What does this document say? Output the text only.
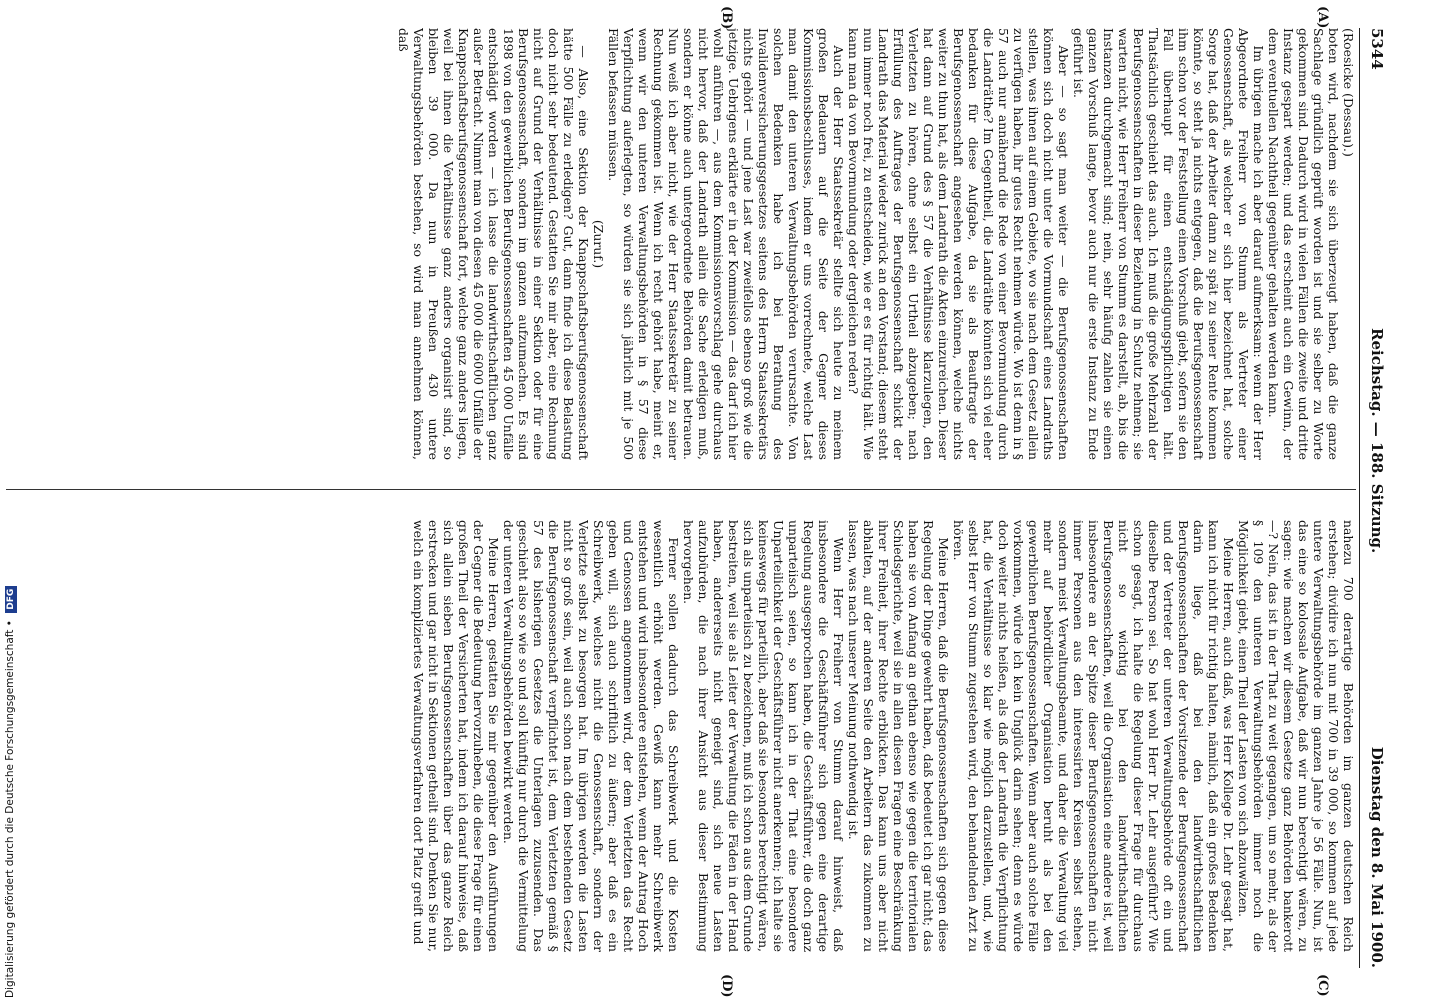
5344
Reichstag. — 188. Sitzung.
Dienstag den 8. Mai 1900.
(A)
(B)
(C)
(D)

(Roesicke (Dessau).)

boten wird, nachdem sie sich überzeugt haben, daß die ganze Sachlage gründlich geprüft worden ist und sie selber zu Worte gekommen sind. Dadurch wird in vielen Fällen die zweite und dritte Instanz gespart werden; und das erscheint auch ein Gewinn, der dem eventuellen Nachtheil gegenüber gehalten werden kann.

Im übrigen mache ich aber darauf aufmerksam: wenn der Herr Abgeordnete Freiherr von Stumm als Vertreter einer Genossenschaft, als welcher er sich hier bezeichnet hat, solche Sorge hat, daß der Arbeiter dann zu spät zu seiner Rente kommen könnte, so steht ja nichts entgegen, daß die Berufsgenossenschaft ihm schon vor der Feststellung einen Vorschuß giebt, sofern sie den Fall überhaupt für einen entschädigungspflichtigen hält. Thatsächlich geschieht das auch. Ich muß die große Mehrzahl der Berufsgenossenschaften in dieser Beziehung in Schutz nehmen; sie warten nicht, wie Herr Freiherr von Stumm es darstellt, ab, bis die Instanzen durchgemacht sind; nein, sehr häufig zahlen sie einen ganzen Vorschuß lange, bevor auch nur die erste Instanz zu Ende geführt ist.

Aber — so sagt man weiter — die Berufsgenossenschaften können sich doch nicht unter die Vormundschaft eines Landraths stellen, was ihnen auf einem Gebiete, wo sie nach dem Gesetz allein zu verfügen haben, ihr gutes Recht nehmen würde. Wo ist denn in § 57 auch nur annähernd die Rede von einer Bevormundung durch die Landräthe? Im Gegentheil, die Landräthe könnten sich viel eher bedanken für diese Aufgabe, da sie als Beauftragte der Berufsgenossenschaft angesehen werden können, welche nichts weiter zu thun hat, als dem Landrath die Akten einzureichen. Dieser hat dann auf Grund des § 57 die Verhältnisse klarzulegen, den Verletzten zu hören, ohne selbst ein Urtheil abzugeben; nach Erfüllung des Auftrages der Berufsgenossenschaft schickt der Landrath das Material wieder zurück an den Vorstand; diesem steht nun immer noch frei, zu entscheiden, wie er es für richtig hält. Wie kann man da von Bevormundung oder dergleichen reden?

Auch der Herr Staatssekretär stellte sich heute zu meinem großen Bedauern auf die Seite der Gegner dieses Kommissionsbeschlusses, indem er uns vorrechnete, welche Last man damit den unteren Verwaltungsbehörden verursachte. Von solchen Bedenken habe ich bei Berathung des Invalidenversicherungsgesetzes seitens des Herrn Staatssekretärs nichts gehört — und jene Last war zweifellos ebenso groß wie die jetzige. Uebrigens erklärte er in der Kommission — das darf ich hier wohl anführen —, aus dem Kommissionsvorschlag gehe durchaus nicht hervor, daß der Landrath allein die Sache erledigen muß, sondern er könne auch untergeordnete Behörden damit betrauen. Nun weiß ich aber nicht, wie der Herr Staatssekretär zu seiner Rechnung gekommen ist. Wenn ich recht gehört habe, meint er, wenn wir den unteren Verwaltungsbehörden in § 57 diese Verpflichtung auferlegten, so würden sie sich jährlich mit je 500 Fällen befassen müssen.

(Zuruf.)

— Also, eine Sektion der Knappschaftsberufsgenossenschaft hätte 500 Fälle zu erledigen? Gut, dann finde ich diese Belastung doch nicht sehr bedeutend. Gestatten Sie mir aber, eine Rechnung nicht auf Grund der Verhältnisse in einer Sektion oder für eine Berufsgenossenschaft, sondern im ganzen aufzumachen. Es sind 1898 von den gewerblichen Berufsgenossenschaften 45 000 Unfälle entschädigt worden — ich lasse die landwirthschaftlichen ganz außer Betracht. Nimmt man von diesen 45 000 die 6000 Unfälle der Knappschaftsberufsgenossenschaft fort, welche ganz anders liegen, weil bei ihnen die Verhältnisse ganz anders organisirt sind, so bleiben 39 000. Da nun in Preußen 430 untere Verwaltungsbehörden bestehen, so wird man annehmen können, daß

nahezu 700 derartige Behörden im ganzen deutschen Reich erstehen; dividire ich nun mit 700 in 39 000, so kommen auf jede untere Verwaltungsbehörde im ganzen Jahre je 56 Fälle. Nun, ist das eine so kolossale Aufgabe, daß wir nun berechtigt wären, zu sagen: wie machen wir diesem Gesetze ganz Behörden bankerott —? Nein, das ist in der That zu weit gegangen, um so mehr, als der § 109 den unteren Verwaltungsbehörden immer noch die Möglichkeit giebt, einen Theil der Lasten von sich abzuwälzen.

Meine Herren, auch daß, was Herr Kollege Dr. Lehr gesagt hat, kann ich nicht für richtig halten, nämlich, daß ein großes Bedenken darin liege, daß bei den landwirthschaftlichen Berufsgenossenschaften der Vorsitzende der Berufsgenossenschaft und der Vertreter der unteren Verwaltungsbehörde oft ein und dieselbe Person sei. So hat wohl Herr Dr. Lehr ausgeführt? Wie schon gesagt, ich halte die Regelung dieser Frage für durchaus nicht so wichtig bei den landwirthschaftlichen Berufsgenossenschaften, weil die Organisation eine andere ist, weil insbesondere an der Spitze dieser Berufsgenossenschaften nicht immer Personen aus den interessirten Kreisen selbst stehen, sondern meist Verwaltungsbeamte, und daher die Verwaltung viel mehr auf behördlicher Organisation beruht als bei den gewerblichen Berufsgenossenschaften. Wenn aber auch solche Fälle vorkommen, würde ich kein Unglück darin sehen; denn es würde doch weiter nichts heißen, als daß der Landrath die Verpflichtung hat, die Verhältnisse so klar wie möglich darzustellen, und, wie selbst Herr von Stumm zugestehen wird, den behandelnden Arzt zu hören.

Meine Herren, daß die Berufsgenossenschaften sich gegen diese Regelung der Dinge gewehrt haben, daß bedeutet ich gar nicht; das haben sie von Anfang an gethan ebenso wie gegen die territorialen Schiedsgerichte, weil sie in allen diesen Fragen eine Beschränkung ihrer Freiheit, ihrer Rechte erblickten. Das kann uns aber nicht abhalten, auf der anderen Seite den Arbeitern das zukommen zu lassen, was nach unserer Meinung nothwendig ist.

Wenn Herr Freiherr von Stumm darauf hinweist, daß insbesondere die Geschäftsführer sich gegen eine derartige Regelung ausgesprochen haben, die Geschäftsführer, die doch ganz unparteiisch seien, so kann ich in der That eine besondere Unparteilichkeit der Geschäftsführer nicht anerkennen; ich halte sie keineswegs für parteilich, aber daß sie besonders berechtigt wären, sich als unparteiisch zu bezeichnen, muß ich schon aus dem Grunde bestreiten, weil sie als Leiter der Verwaltung die Fäden in der Hand haben, andererseits nicht geneigt sind, sich neue Lasten aufzubürden, die nach ihrer Ansicht aus dieser Bestimmung hervorgehen.

Ferner sollen dadurch das Schreibwerk und die Kosten wesentlich erhöht werden. Gewiß kann mehr Schreibwerk entstehen und wird insbesondere entstehen, wenn der Antrag Hoch und Genossen angenommen wird, der dem Verletzten das Recht geben will, sich auch schriftlich zu äußern; aber daß es ein Schreibwerk, welches nicht die Genossenschaft, sondern der Verletzte selbst zu besorgen hat. Im übrigen werden die Lasten nicht so groß sein, weil auch schon nach dem bestehenden Gesetz die Berufsgenossenschaft verpflichtet ist, dem Verletzten gemäß § 57 des bisherigen Gesetzes die Unterlagen zuzusenden. Das geschieht also so wie so und soll künftig nur durch die Vermittelung der unteren Verwaltungsbehörden bewirkt werden.

Meine Herren, gestatten Sie mir gegenüber den Ausführungen der Gegner die Bedeutung hervorzuheben, die diese Frage für einen großen Theil der Versicherten hat, indem ich darauf hinweise, daß sich allein sieben Berufsgenossenschaften über das ganze Reich erstrecken und gar nicht in Sektionen getheilt sind. Denken Sie nur, welch ein kompliziertes Verwaltungsverfahren dort Platz greift und

Digitalisierung gefördert durch die Deutsche Forschungsgemeinschaft • DFG
